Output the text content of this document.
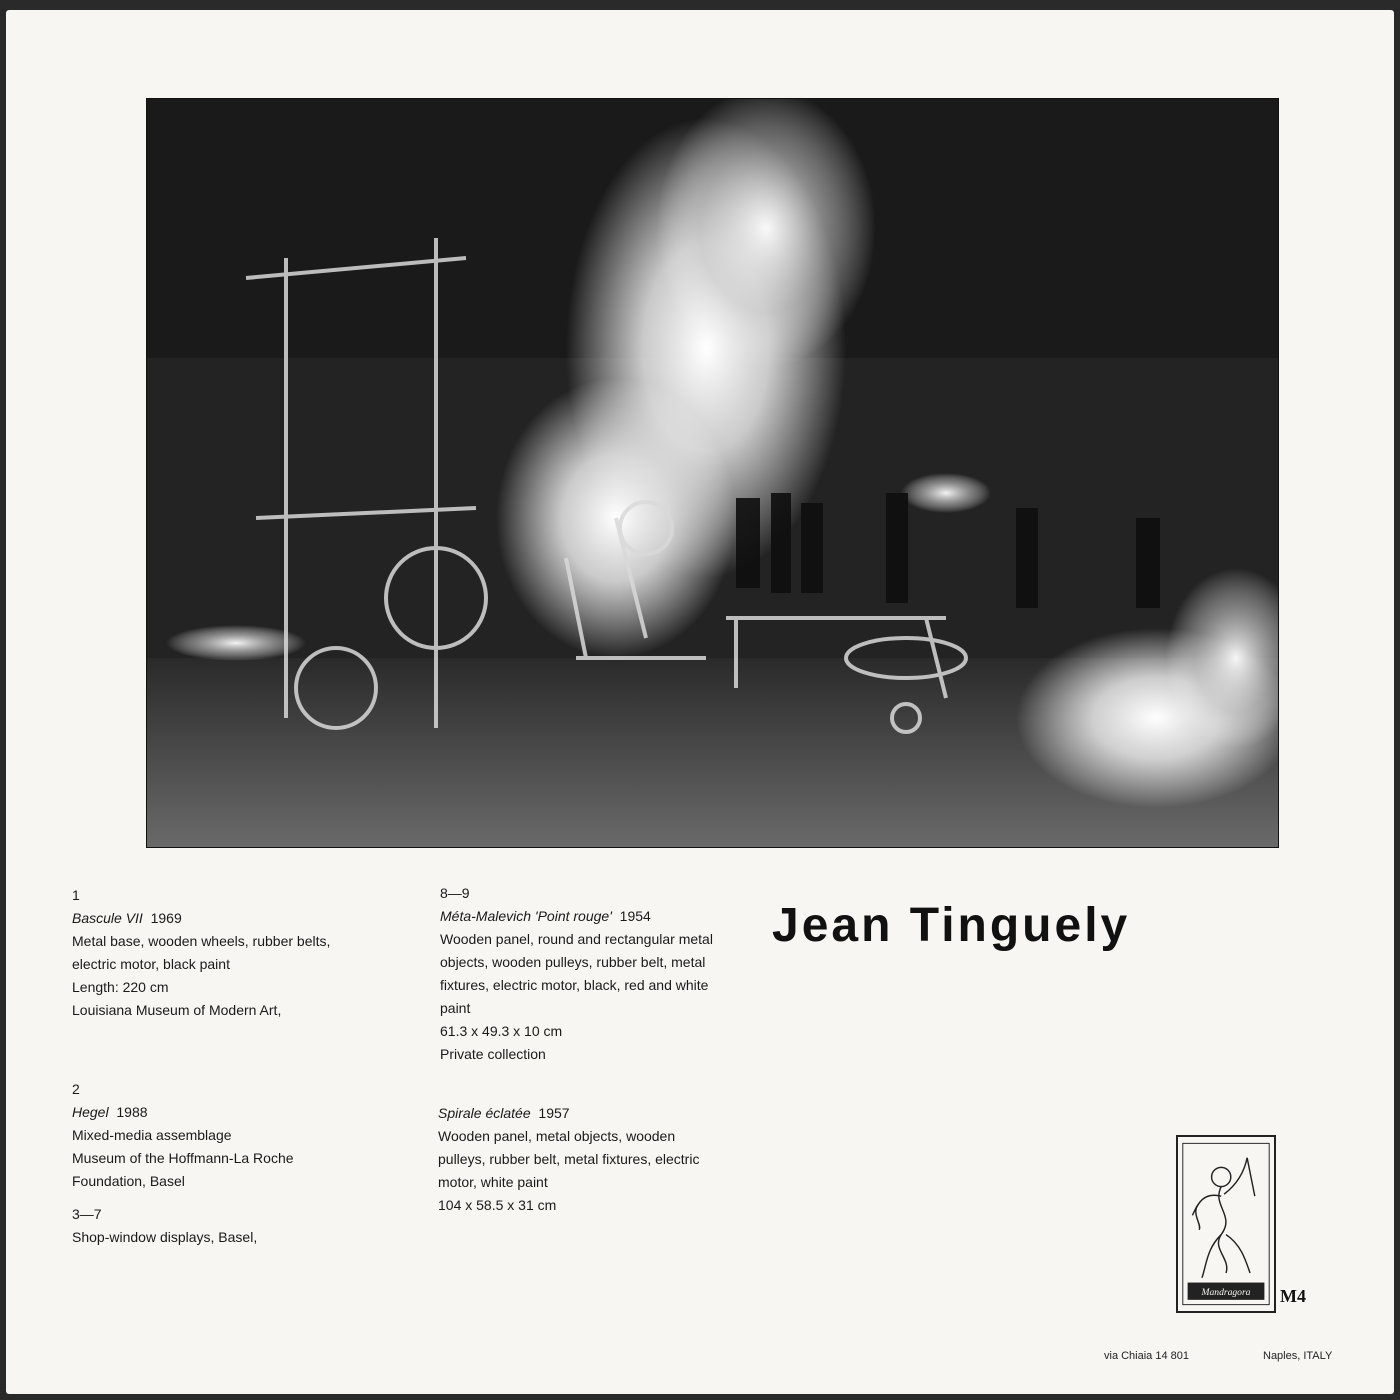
Jean Tinguely
1
Bascule VII 1969
Metal base, wooden wheels, rubber belts,
electric motor, black paint
Length: 220 cm
Louisiana Museum of Modern Art,
2
Hegel 1988
Mixed-media assemblage
Museum of the Hoffmann-La Roche
Foundation, Basel
3—7
Shop-window displays, Basel,
8—9
Méta-Malevich 'Point rouge' 1954
Wooden panel, round and rectangular metal
objects, wooden pulleys, rubber belt, metal
fixtures, electric motor, black, red and white
paint
61.3 x 49.3 x 10 cm
Private collection
Spirale éclatée 1957
Wooden panel, metal objects, wooden
pulleys, rubber belt, metal fixtures, electric
motor, white paint
104 x 58.5 x 31 cm
Mandragora M4
via Chiaia 14 801	Naples, ITALY
